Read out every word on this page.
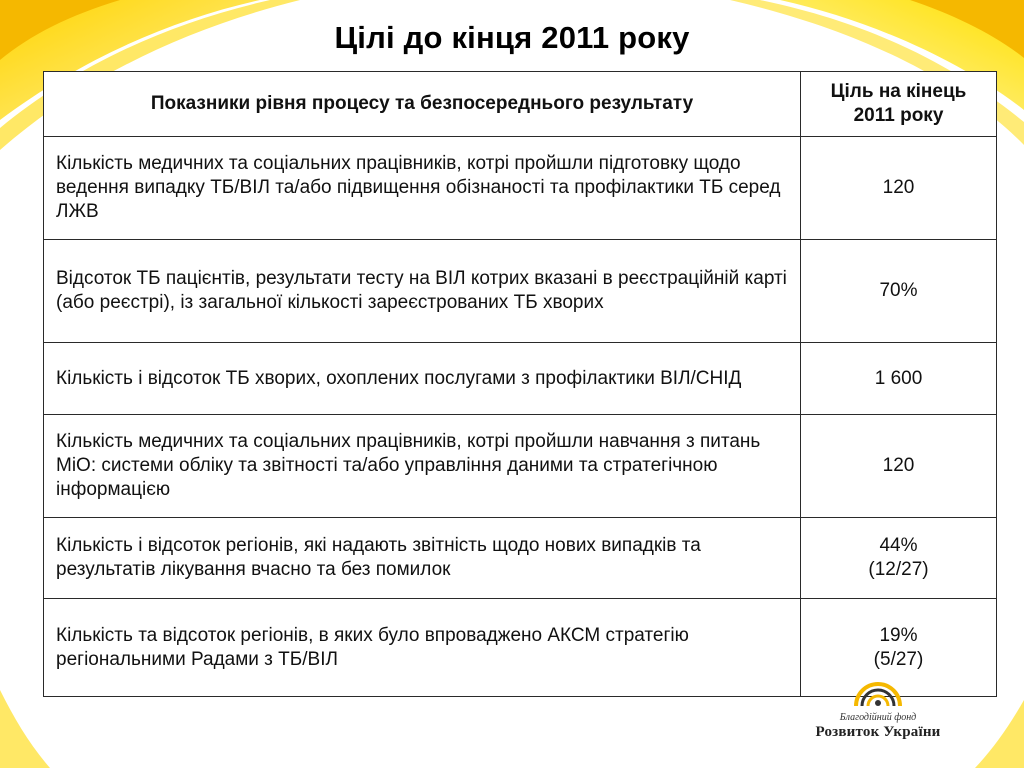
Цілі до кінця 2011 року
Показники рівня процесу та безпосереднього результату	Ціль на кінець 2011 року
Кількість медичних та соціальних працівників, котрі пройшли підготовку щодо ведення випадку ТБ/ВІЛ та/або підвищення обізнаності та профілактики ТБ серед ЛЖВ	120
Відсоток ТБ пацієнтів, результати тесту на ВІЛ котрих вказані в реєстраційній карті (або реєстрі), із загальної кількості зареєстрованих ТБ хворих	70%
Кількість і відсоток ТБ хворих, охоплених послугами з профілактики ВІЛ/СНІД	1 600
Кількість медичних та соціальних працівників, котрі пройшли навчання з питань МіО: системи обліку та звітності та/або управління даними та стратегічною інформацією	120
Кількість і відсоток регіонів, які надають звітність щодо нових випадків та результатів лікування вчасно та без помилок	44%
(12/27)
Кількість та відсоток регіонів, в яких було впроваджено АКСМ стратегію регіональними Радами з ТБ/ВІЛ	19%
(5/27)
Благодійний фонд
Розвиток України
